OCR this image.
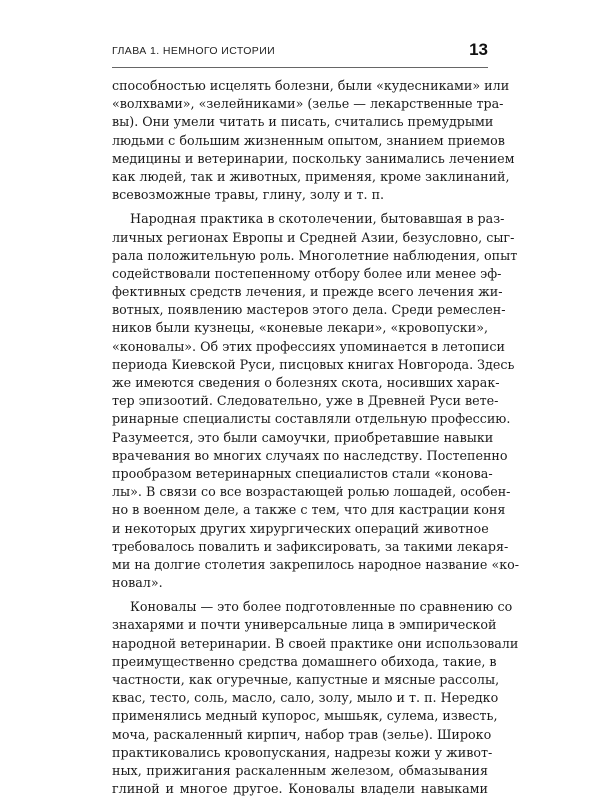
ГЛАВА 1. НЕМНОГО ИСТОРИИ	13
способностью исцелять болезни, были «кудесниками» или
«волхвами», «зелейниками» (зелье — лекарственные тра-
вы). Они умели читать и писать, считались премудрыми
людьми с большим жизненным опытом, знанием приемов
медицины и ветеринарии, поскольку занимались лечением
как людей, так и животных, применяя, кроме заклинаний,
всевозможные травы, глину, золу и т. п.
Народная практика в скотолечении, бытовавшая в раз-
личных регионах Европы и Средней Азии, безусловно, сыг-
рала положительную роль. Многолетние наблюдения, опыт
содействовали постепенному отбору более или менее эф-
фективных средств лечения, и прежде всего лечения жи-
вотных, появлению мастеров этого дела. Среди ремеслен-
ников были кузнецы, «коневые лекари», «кровопуски»,
«коновалы». Об этих профессиях упоминается в летописи
периода Киевской Руси, писцовых книгах Новгорода. Здесь
же имеются сведения о болезнях скота, носивших харак-
тер эпизоотий. Следовательно, уже в Древней Руси вете-
ринарные специалисты составляли отдельную профессию.
Разумеется, это были самоучки, приобретавшие навыки
врачевания во многих случаях по наследству. Постепенно
прообразом ветеринарных специалистов стали «конова-
лы». В связи со все возрастающей ролью лошадей, особен-
но в военном деле, а также с тем, что для кастрации коня
и некоторых других хирургических операций животное
требовалось повалить и зафиксировать, за такими лекаря-
ми на долгие столетия закрепилось народное название «ко-
новал».
Коновалы — это более подготовленные по сравнению со
знахарями и почти универсальные лица в эмпирической
народной ветеринарии. В своей практике они использовали
преимущественно средства домашнего обихода, такие, в
частности, как огуречные, капустные и мясные рассолы,
квас, тесто, соль, масло, сало, золу, мыло и т. п. Нередко
применялись медный купорос, мышьяк, сулема, известь,
моча, раскаленный кирпич, набор трав (зелье). Широко
практиковались кровопускания, надрезы кожи у живот-
ных, прижигания раскаленным железом, обмазывания
глиной и многое другое. Коновалы владели навыками
